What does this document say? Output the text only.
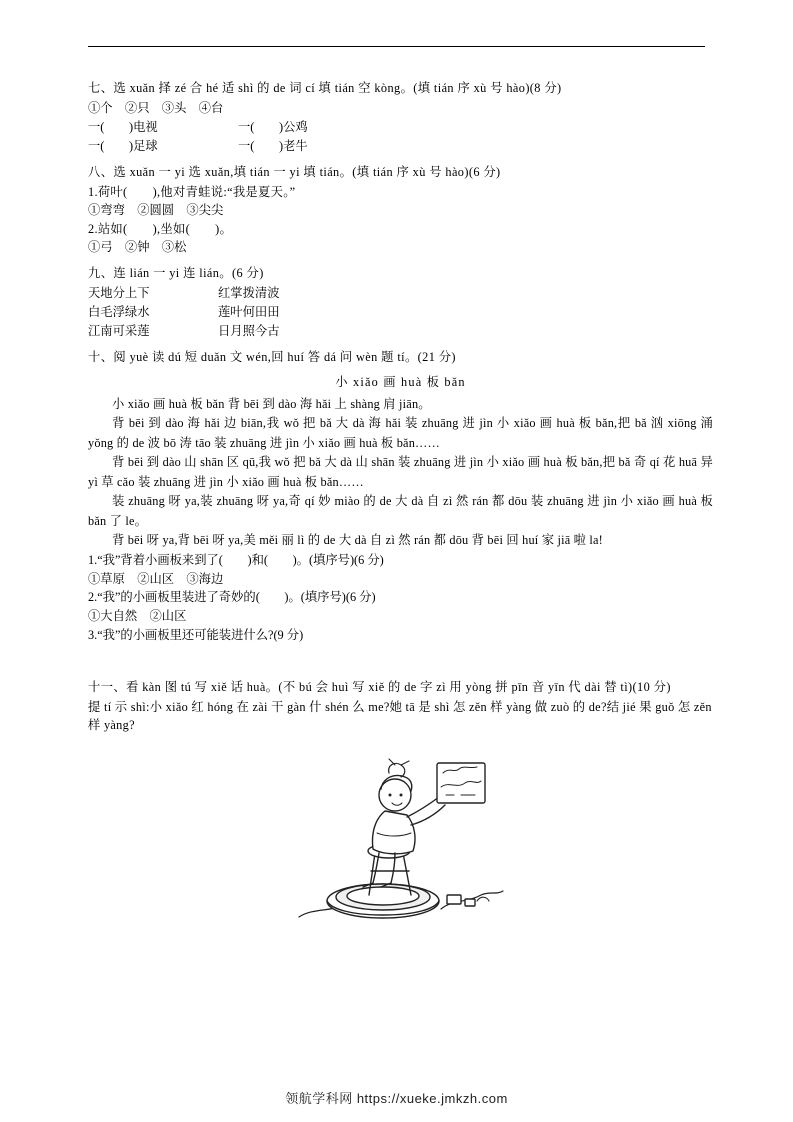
七、选 xuǎn 择 zé 合 hé 适 shì 的 de 词 cí 填 tián 空 kòng。(填 tián 序 xù 号 hào)(8 分)
①个　②只　③头　④台
一(　　)电视	一(　　)公鸡
一(　　)足球	一(　　)老牛
八、选 xuǎn 一 yi 选 xuǎn,填 tián 一 yi 填 tián。(填 tián 序 xù 号 hào)(6 分)
1.荷叶(　　),他对青蛙说:“我是夏天。”
①弯弯　②圆圆　③尖尖
2.站如(　　),坐如(　　)。
①弓　②钟　③松
九、连 lián 一 yi 连 lián。(6 分)
天地分上下	红掌拨清波
白毛浮绿水	莲叶何田田
江南可采莲	日月照今古
十、阅 yuè 读 dú 短 duǎn 文 wén,回 huí 答 dá 问 wèn 题 tí。(21 分)
小 xiǎo 画 huà 板 bǎn
小 xiǎo 画 huà 板 bǎn 背 bēi 到 dào 海 hǎi 上 shàng 肩 jiān。
背 bēi 到 dào 海 hǎi 边 biān,我 wǒ 把 bǎ 大 dà 海 hǎi 装 zhuāng 进 jìn 小 xiǎo 画 huà 板 bǎn,把 bǎ 汹 xiōng 涌 yǒng 的 de 波 bō 涛 tāo 装 zhuāng 进 jìn 小 xiǎo 画 huà 板 bǎn……
背 bēi 到 dào 山 shān 区 qū,我 wǒ 把 bǎ 大 dà 山 shān 装 zhuāng 进 jìn 小 xiǎo 画 huà 板 bǎn,把 bǎ 奇 qí 花 huā 异 yì 草 cǎo 装 zhuāng 进 jìn 小 xiǎo 画 huà 板 bǎn……
装 zhuāng 呀 ya,装 zhuāng 呀 ya,奇 qí 妙 miào 的 de 大 dà 自 zì 然 rán 都 dōu 装 zhuāng 进 jìn 小 xiǎo 画 huà 板 bǎn 了 le。
背 bēi 呀 ya,背 bēi 呀 ya,美 měi 丽 lì 的 de 大 dà 自 zì 然 rán 都 dōu 背 bēi 回 huí 家 jiā 啦 la!
1.“我”背着小画板来到了(　　)和(　　)。(填序号)(6 分)
①草原　②山区　③海边
2.“我”的小画板里装进了奇妙的(　　)。(填序号)(6 分)
①大自然　②山区
3.“我”的小画板里还可能装进什么?(9 分)
十一、看 kàn 图 tú 写 xiě 话 huà。(不 bú 会 huì 写 xiě 的 de 字 zì 用 yòng 拼 pīn 音 yīn 代 dài 替 tì)(10 分)
提 tí 示 shì:小 xiǎo 红 hóng 在 zài 干 gàn 什 shén 么 me?她 tā 是 shì 怎 zěn 样 yàng 做 zuò 的 de?结 jié 果 guǒ 怎 zěn 样 yàng?
领航学科网 https://xueke.jmkzh.com
